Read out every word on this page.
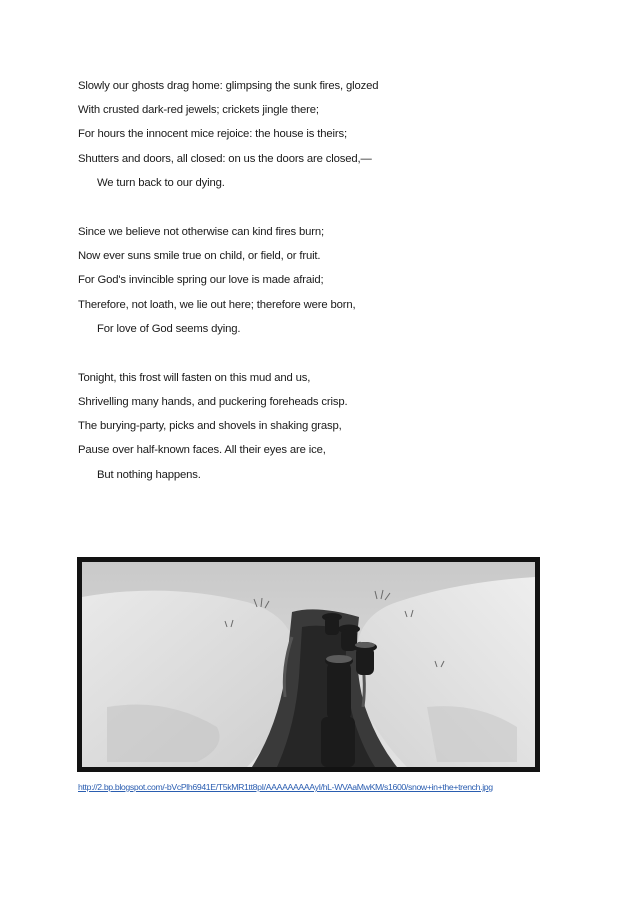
Slowly our ghosts drag home: glimpsing the sunk fires, glozed
With crusted dark-red jewels; crickets jingle there;
For hours the innocent mice rejoice: the house is theirs;
Shutters and doors, all closed: on us the doors are closed,—
We turn back to our dying.
Since we believe not otherwise can kind fires burn;
Now ever suns smile true on child, or field, or fruit.
For God's invincible spring our love is made afraid;
Therefore, not loath, we lie out here; therefore were born,
For love of God seems dying.
Tonight, this frost will fasten on this mud and us,
Shrivelling many hands, and puckering foreheads crisp.
The burying-party, picks and shovels in shaking grasp,
Pause over half-known faces. All their eyes are ice,
But nothing happens.
http://2.bp.blogspot.com/-bVcPlh6941E/T5kMR1tt8pI/AAAAAAAAAyI/hL-WVAaMwKM/s1600/snow+in+the+trench.jpg
